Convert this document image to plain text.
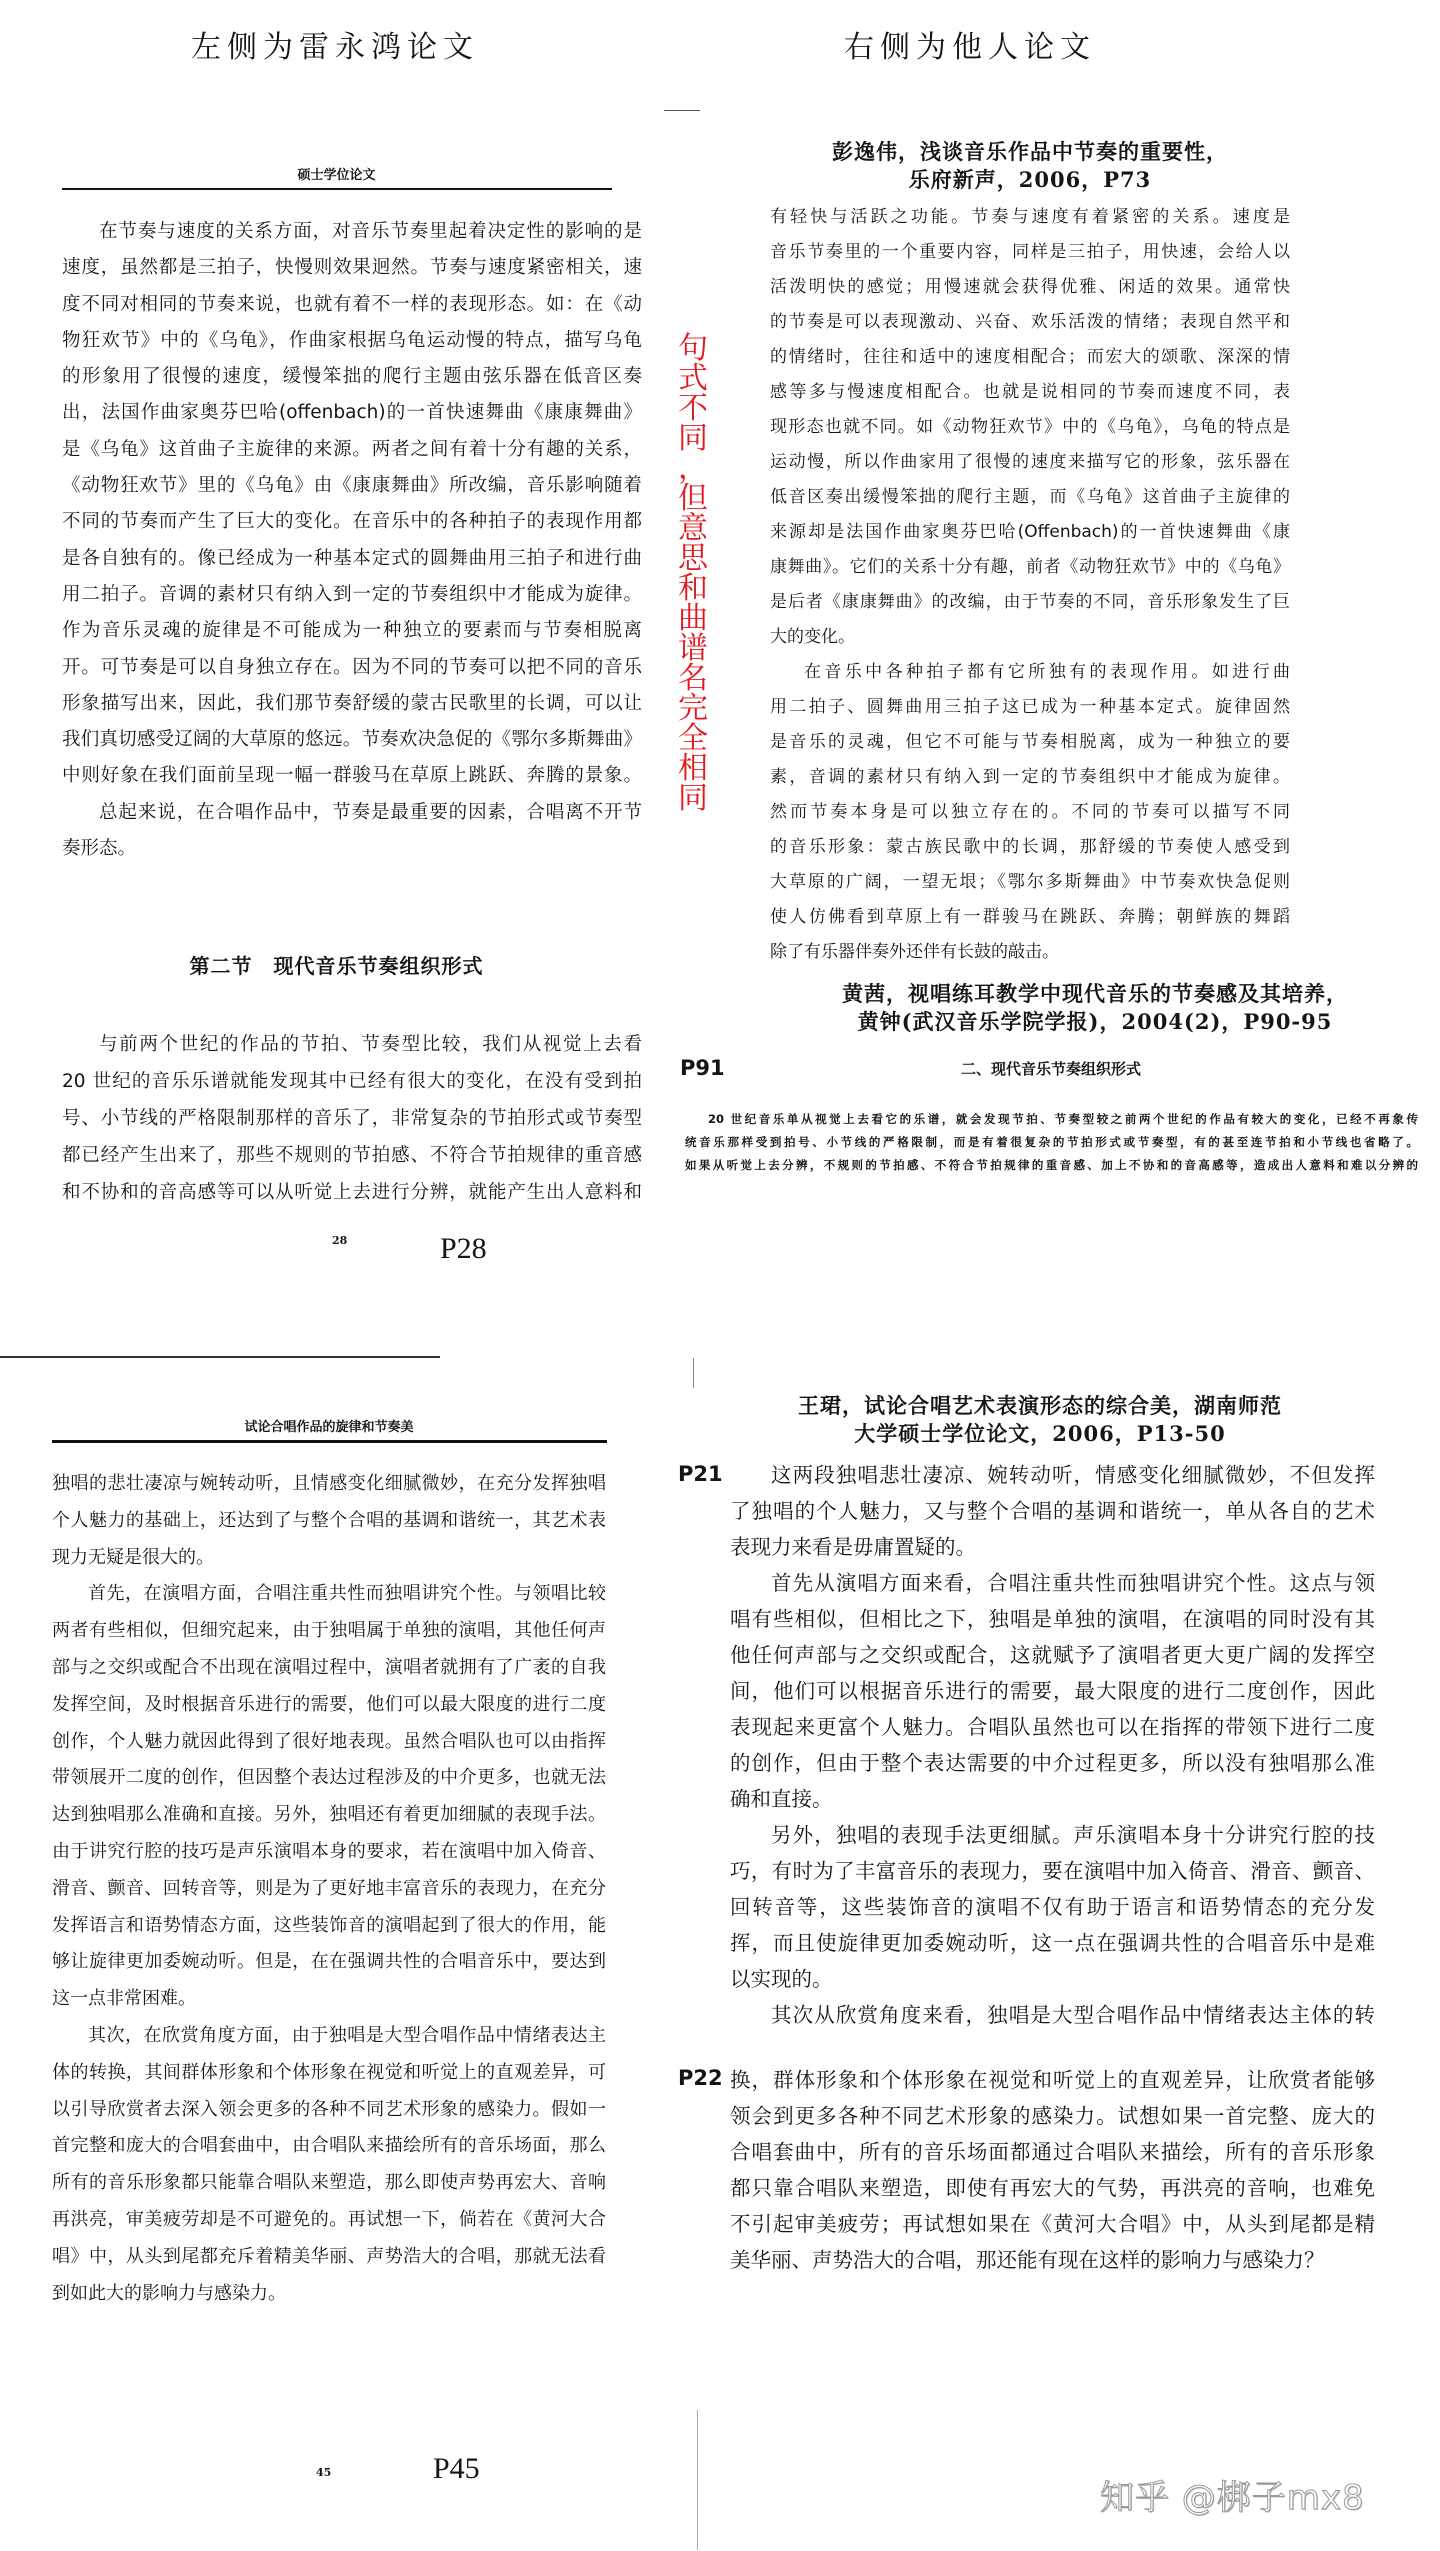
左侧为雷永鸿论文	右侧为他人论文
硕士学位论文
在节奏与速度的关系方面，对音乐节奏里起着决定性的影响的是
速度，虽然都是三拍子，快慢则效果迥然。节奏与速度紧密相关，速
度不同对相同的节奏来说，也就有着不一样的表现形态。如：在《动
物狂欢节》中的《乌龟》，作曲家根据乌龟运动慢的特点，描写乌龟
的形象用了很慢的速度，缓慢笨拙的爬行主题由弦乐器在低音区奏
出，法国作曲家奥芬巴哈(offenbach)的一首快速舞曲《康康舞曲》
是《乌龟》这首曲子主旋律的来源。两者之间有着十分有趣的关系，
《动物狂欢节》里的《乌龟》由《康康舞曲》所改编，音乐影响随着
不同的节奏而产生了巨大的变化。在音乐中的各种拍子的表现作用都
是各自独有的。像已经成为一种基本定式的圆舞曲用三拍子和进行曲
用二拍子。音调的素材只有纳入到一定的节奏组织中才能成为旋律。
作为音乐灵魂的旋律是不可能成为一种独立的要素而与节奏相脱离
开。可节奏是可以自身独立存在。因为不同的节奏可以把不同的音乐
形象描写出来，因此，我们那节奏舒缓的蒙古民歌里的长调，可以让
我们真切感受辽阔的大草原的悠远。节奏欢决急促的《鄂尔多斯舞曲》
中则好象在我们面前呈现一幅一群骏马在草原上跳跃、奔腾的景象。
总起来说，在合唱作品中，节奏是最重要的因素，合唱离不开节
奏形态。
第二节　现代音乐节奏组织形式
与前两个世纪的作品的节拍、节奏型比较，我们从视觉上去看
20 世纪的音乐乐谱就能发现其中已经有很大的变化，在没有受到拍
号、小节线的严格限制那样的音乐了，非常复杂的节拍形式或节奏型
都已经产生出来了，那些不规则的节拍感、不符合节拍规律的重音感
和不协和的音高感等可以从听觉上去进行分辨，就能产生出人意料和
28	P28
句
式
不
同
，
但
意
思
和
曲
谱
名
完
全
相
同
彭逸伟，浅谈音乐作品中节奏的重要性，
乐府新声，2006，P73
有轻快与活跃之功能。节奏与速度有着紧密的关系。速度是
音乐节奏里的一个重要内容，同样是三拍子，用快速，会给人以
活泼明快的感觉；用慢速就会获得优雅、闲适的效果。通常快
的节奏是可以表现激动、兴奋、欢乐活泼的情绪；表现自然平和
的情绪时，往往和适中的速度相配合；而宏大的颂歌、深深的情
感等多与慢速度相配合。也就是说相同的节奏而速度不同，表
现形态也就不同。如《动物狂欢节》中的《乌龟》，乌龟的特点是
运动慢，所以作曲家用了很慢的速度来描写它的形象，弦乐器在
低音区奏出缓慢笨拙的爬行主题，而《乌龟》这首曲子主旋律的
来源却是法国作曲家奥芬巴哈(Offenbach)的一首快速舞曲《康
康舞曲》。它们的关系十分有趣，前者《动物狂欢节》中的《乌龟》
是后者《康康舞曲》的改编，由于节奏的不同，音乐形象发生了巨
大的变化。
在音乐中各种拍子都有它所独有的表现作用。如进行曲
用二拍子、圆舞曲用三拍子这已成为一种基本定式。旋律固然
是音乐的灵魂，但它不可能与节奏相脱离，成为一种独立的要
素，音调的素材只有纳入到一定的节奏组织中才能成为旋律。
然而节奏本身是可以独立存在的。不同的节奏可以描写不同
的音乐形象：蒙古族民歌中的长调，那舒缓的节奏使人感受到
大草原的广阔，一望无垠；《鄂尔多斯舞曲》中节奏欢快急促则
使人仿佛看到草原上有一群骏马在跳跃、奔腾；朝鲜族的舞蹈
除了有乐器伴奏外还伴有长鼓的敲击。
黄茜，视唱练耳教学中现代音乐的节奏感及其培养，
黄钟(武汉音乐学院学报)，2004(2)，P90-95
P91	二、现代音乐节奏组织形式
20 世纪音乐单从视觉上去看它的乐谱，就会发现节拍、节奏型较之前两个世纪的作品有较大的变化，已经不再象传
统音乐那样受到拍号、小节线的严格限制，而是有着很复杂的节拍形式或节奏型，有的甚至连节拍和小节线也省略了。
如果从听觉上去分辨，不规则的节拍感、不符合节拍规律的重音感、加上不协和的音高感等，造成出人意料和难以分辨的
试论合唱作品的旋律和节奏美
独唱的悲壮凄凉与婉转动听，且情感变化细腻微妙，在充分发挥独唱
个人魅力的基础上，还达到了与整个合唱的基调和谐统一，其艺术表
现力无疑是很大的。
首先，在演唱方面，合唱注重共性而独唱讲究个性。与领唱比较
两者有些相似，但细究起来，由于独唱属于单独的演唱，其他任何声
部与之交织或配合不出现在演唱过程中，演唱者就拥有了广袤的自我
发挥空间，及时根据音乐进行的需要，他们可以最大限度的进行二度
创作，个人魅力就因此得到了很好地表现。虽然合唱队也可以由指挥
带领展开二度的创作，但因整个表达过程涉及的中介更多，也就无法
达到独唱那么准确和直接。另外，独唱还有着更加细腻的表现手法。
由于讲究行腔的技巧是声乐演唱本身的要求，若在演唱中加入倚音、
滑音、颤音、回转音等，则是为了更好地丰富音乐的表现力，在充分
发挥语言和语势情态方面，这些装饰音的演唱起到了很大的作用，能
够让旋律更加委婉动听。但是，在在强调共性的合唱音乐中，要达到
这一点非常困难。
其次，在欣赏角度方面，由于独唱是大型合唱作品中情绪表达主
体的转换，其间群体形象和个体形象在视觉和听觉上的直观差异，可
以引导欣赏者去深入领会更多的各种不同艺术形象的感染力。假如一
首完整和庞大的合唱套曲中，由合唱队来描绘所有的音乐场面，那么
所有的音乐形象都只能靠合唱队来塑造，那么即使声势再宏大、音响
再洪亮，审美疲劳却是不可避免的。再试想一下，倘若在《黄河大合
唱》中，从头到尾都充斥着精美华丽、声势浩大的合唱，那就无法看
到如此大的影响力与感染力。
45	P45
王珺，试论合唱艺术表演形态的综合美，湖南师范
大学硕士学位论文，2006，P13-50
P21	这两段独唱悲壮凄凉、婉转动听，情感变化细腻微妙，不但发挥
了独唱的个人魅力，又与整个合唱的基调和谐统一，单从各自的艺术
表现力来看是毋庸置疑的。
首先从演唱方面来看，合唱注重共性而独唱讲究个性。这点与领
唱有些相似，但相比之下，独唱是单独的演唱，在演唱的同时没有其
他任何声部与之交织或配合，这就赋予了演唱者更大更广阔的发挥空
间，他们可以根据音乐进行的需要，最大限度的进行二度创作，因此
表现起来更富个人魅力。合唱队虽然也可以在指挥的带领下进行二度
的创作，但由于整个表达需要的中介过程更多，所以没有独唱那么准
确和直接。
另外，独唱的表现手法更细腻。声乐演唱本身十分讲究行腔的技
巧，有时为了丰富音乐的表现力，要在演唱中加入倚音、滑音、颤音、
回转音等，这些装饰音的演唱不仅有助于语言和语势情态的充分发
挥，而且使旋律更加委婉动听，这一点在强调共性的合唱音乐中是难
以实现的。
其次从欣赏角度来看，独唱是大型合唱作品中情绪表达主体的转
P22 换，群体形象和个体形象在视觉和听觉上的直观差异，让欣赏者能够
领会到更多各种不同艺术形象的感染力。试想如果一首完整、庞大的
合唱套曲中，所有的音乐场面都通过合唱队来描绘，所有的音乐形象
都只靠合唱队来塑造，即使有再宏大的气势，再洪亮的音响，也难免
不引起审美疲劳；再试想如果在《黄河大合唱》中，从头到尾都是精
美华丽、声势浩大的合唱，那还能有现在这样的影响力与感染力？
知乎 @梆子mx8
